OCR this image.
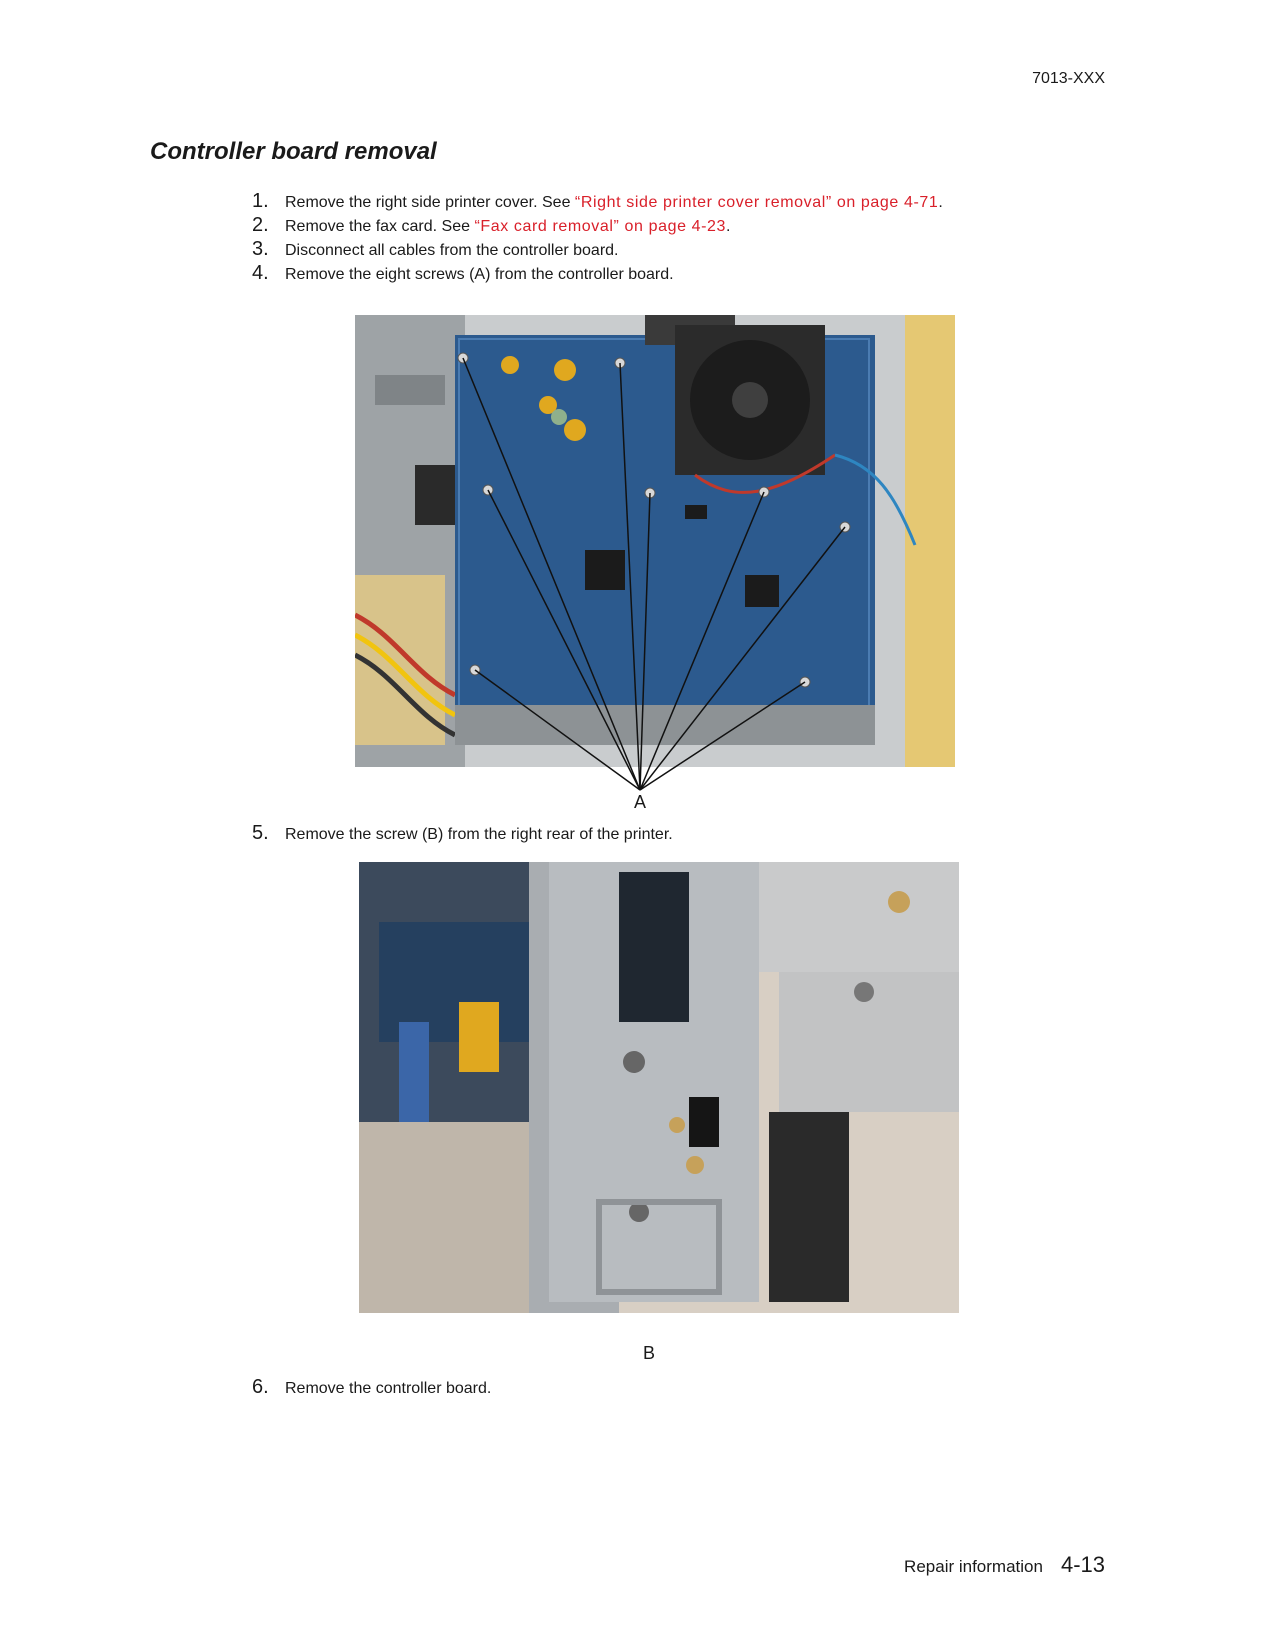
7013-XXX
Controller board removal
1.	Remove the right side printer cover. See “Right side printer cover removal” on page 4-71.
2.	Remove the fax card. See “Fax card removal” on page 4-23.
3.	Disconnect all cables from the controller board.
4.	Remove the eight screws (A) from the controller board.
A
5.	Remove the screw (B) from the right rear of the printer.
B
6.	Remove the controller board.
Repair information 4-13
